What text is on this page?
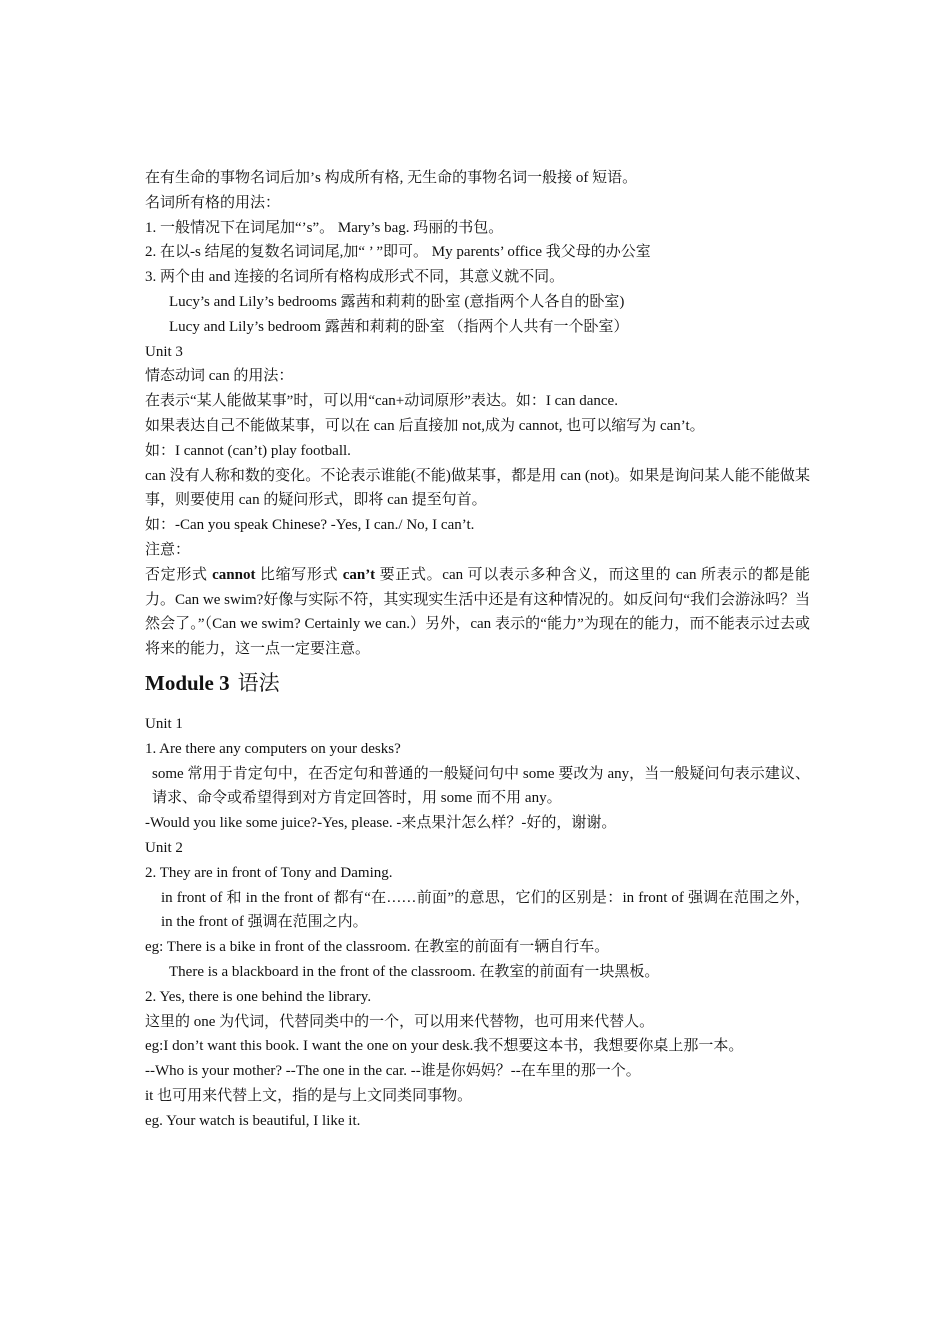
在有生命的事物名词后加’s 构成所有格, 无生命的事物名词一般接 of 短语。
名词所有格的用法：
1. 一般情况下在词尾加“’s”。 Mary’s bag. 玛丽的书包。
2. 在以-s 结尾的复数名词词尾,加“ ’ ”即可。 My parents’ office 我父母的办公室
3. 两个由 and 连接的名词所有格构成形式不同，其意义就不同。
Lucy’s and Lily’s bedrooms 露茜和莉莉的卧室 (意指两个人各自的卧室)
Lucy and Lily’s bedroom 露茜和莉莉的卧室 （指两个人共有一个卧室）
Unit 3
情态动词 can 的用法：
在表示“某人能做某事”时，可以用“can+动词原形”表达。如：I can dance.
如果表达自己不能做某事，可以在 can 后直接加 not,成为 cannot, 也可以缩写为 can’t。
如：I cannot (can’t) play football.
can 没有人称和数的变化。不论表示谁能(不能)做某事，都是用 can (not)。如果是询问某人能不能做某事，则要使用 can 的疑问形式，即将 can 提至句首。
如：-Can you speak Chinese? -Yes, I can./ No, I can’t.
注意：
否定形式 cannot 比缩写形式 can’t 要正式。can 可以表示多种含义，而这里的 can 所表示的都是能力。Can we swim?好像与实际不符，其实现实生活中还是有这种情况的。如反问句“我们会游泳吗？当然会了。”（Can we swim? Certainly we can.）另外，can 表示的“能力”为现在的能力，而不能表示过去或将来的能力，这一点一定要注意。
Module 3 语法
Unit 1
1. Are there any computers on your desks?
some 常用于肯定句中，在否定句和普通的一般疑问句中 some 要改为 any，当一般疑问句表示建议、请求、命令或希望得到对方肯定回答时，用 some 而不用 any。
-Would you like some juice?-Yes, please. -来点果汁怎么样？-好的，谢谢。
Unit 2
2. They are in front of Tony and Daming.
in front of 和 in the front of 都有“在……前面”的意思，它们的区别是：in front of 强调在范围之外，in the front of 强调在范围之内。
eg: There is a bike in front of the classroom. 在教室的前面有一辆自行车。
There is a blackboard in the front of the classroom. 在教室的前面有一块黑板。
2. Yes, there is one behind the library.
这里的 one 为代词，代替同类中的一个，可以用来代替物，也可用来代替人。
eg:I don’t want this book. I want the one on your desk.我不想要这本书，我想要你桌上那一本。
--Who is your mother? --The one in the car. --谁是你妈妈？--在车里的那一个。
it 也可用来代替上文，指的是与上文同类同事物。
eg. Your watch is beautiful, I like it.
